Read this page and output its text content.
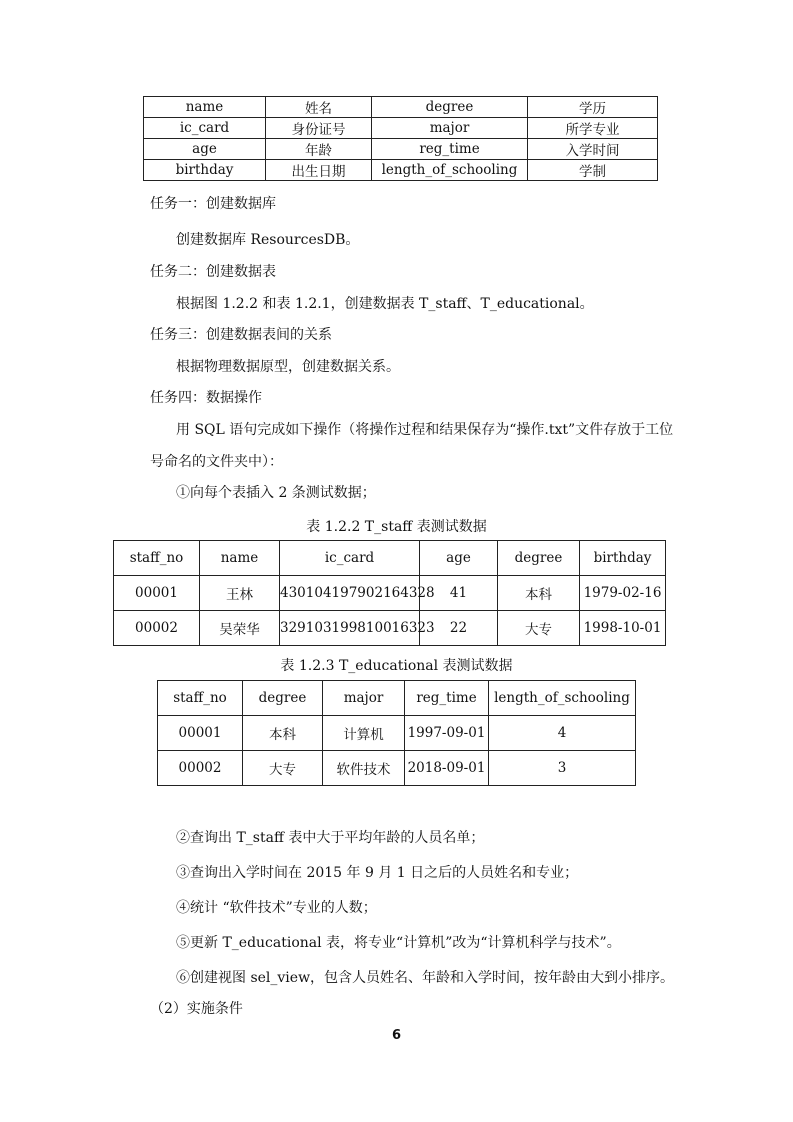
name	姓名	degree	学历
ic_card	身份证号	major	所学专业
age	年龄	reg_time	入学时间
birthday	出生日期	length_of_schooling	学制
任务一：创建数据库
创建数据库 ResourcesDB。
任务二：创建数据表
根据图 1.2.2 和表 1.2.1，创建数据表 T_staff、T_educational。
任务三：创建数据表间的关系
根据物理数据原型，创建数据关系。
任务四：数据操作
用 SQL 语句完成如下操作（将操作过程和结果保存为“操作.txt”文件存放于工位
号命名的文件夹中）：
①向每个表插入 2 条测试数据；
表 1.2.2 T_staff 表测试数据
staff_no	name	ic_card	age	degree	birthday
00001	王林	430104197902164328	41	本科	1979-02-16
00002	吴荣华	329103199810016323	22	大专	1998-10-01
表 1.2.3 T_educational 表测试数据
staff_no	degree	major	reg_time	length_of_schooling
00001	本科	计算机	1997-09-01	4
00002	大专	软件技术	2018-09-01	3
②查询出 T_staff 表中大于平均年龄的人员名单；
③查询出入学时间在 2015 年 9 月 1 日之后的人员姓名和专业；
④统计 “软件技术”专业的人数；
⑤更新 T_educational 表，将专业“计算机”改为“计算机科学与技术”。
⑥创建视图 sel_view，包含人员姓名、年龄和入学时间，按年龄由大到小排序。
（2）实施条件
6
